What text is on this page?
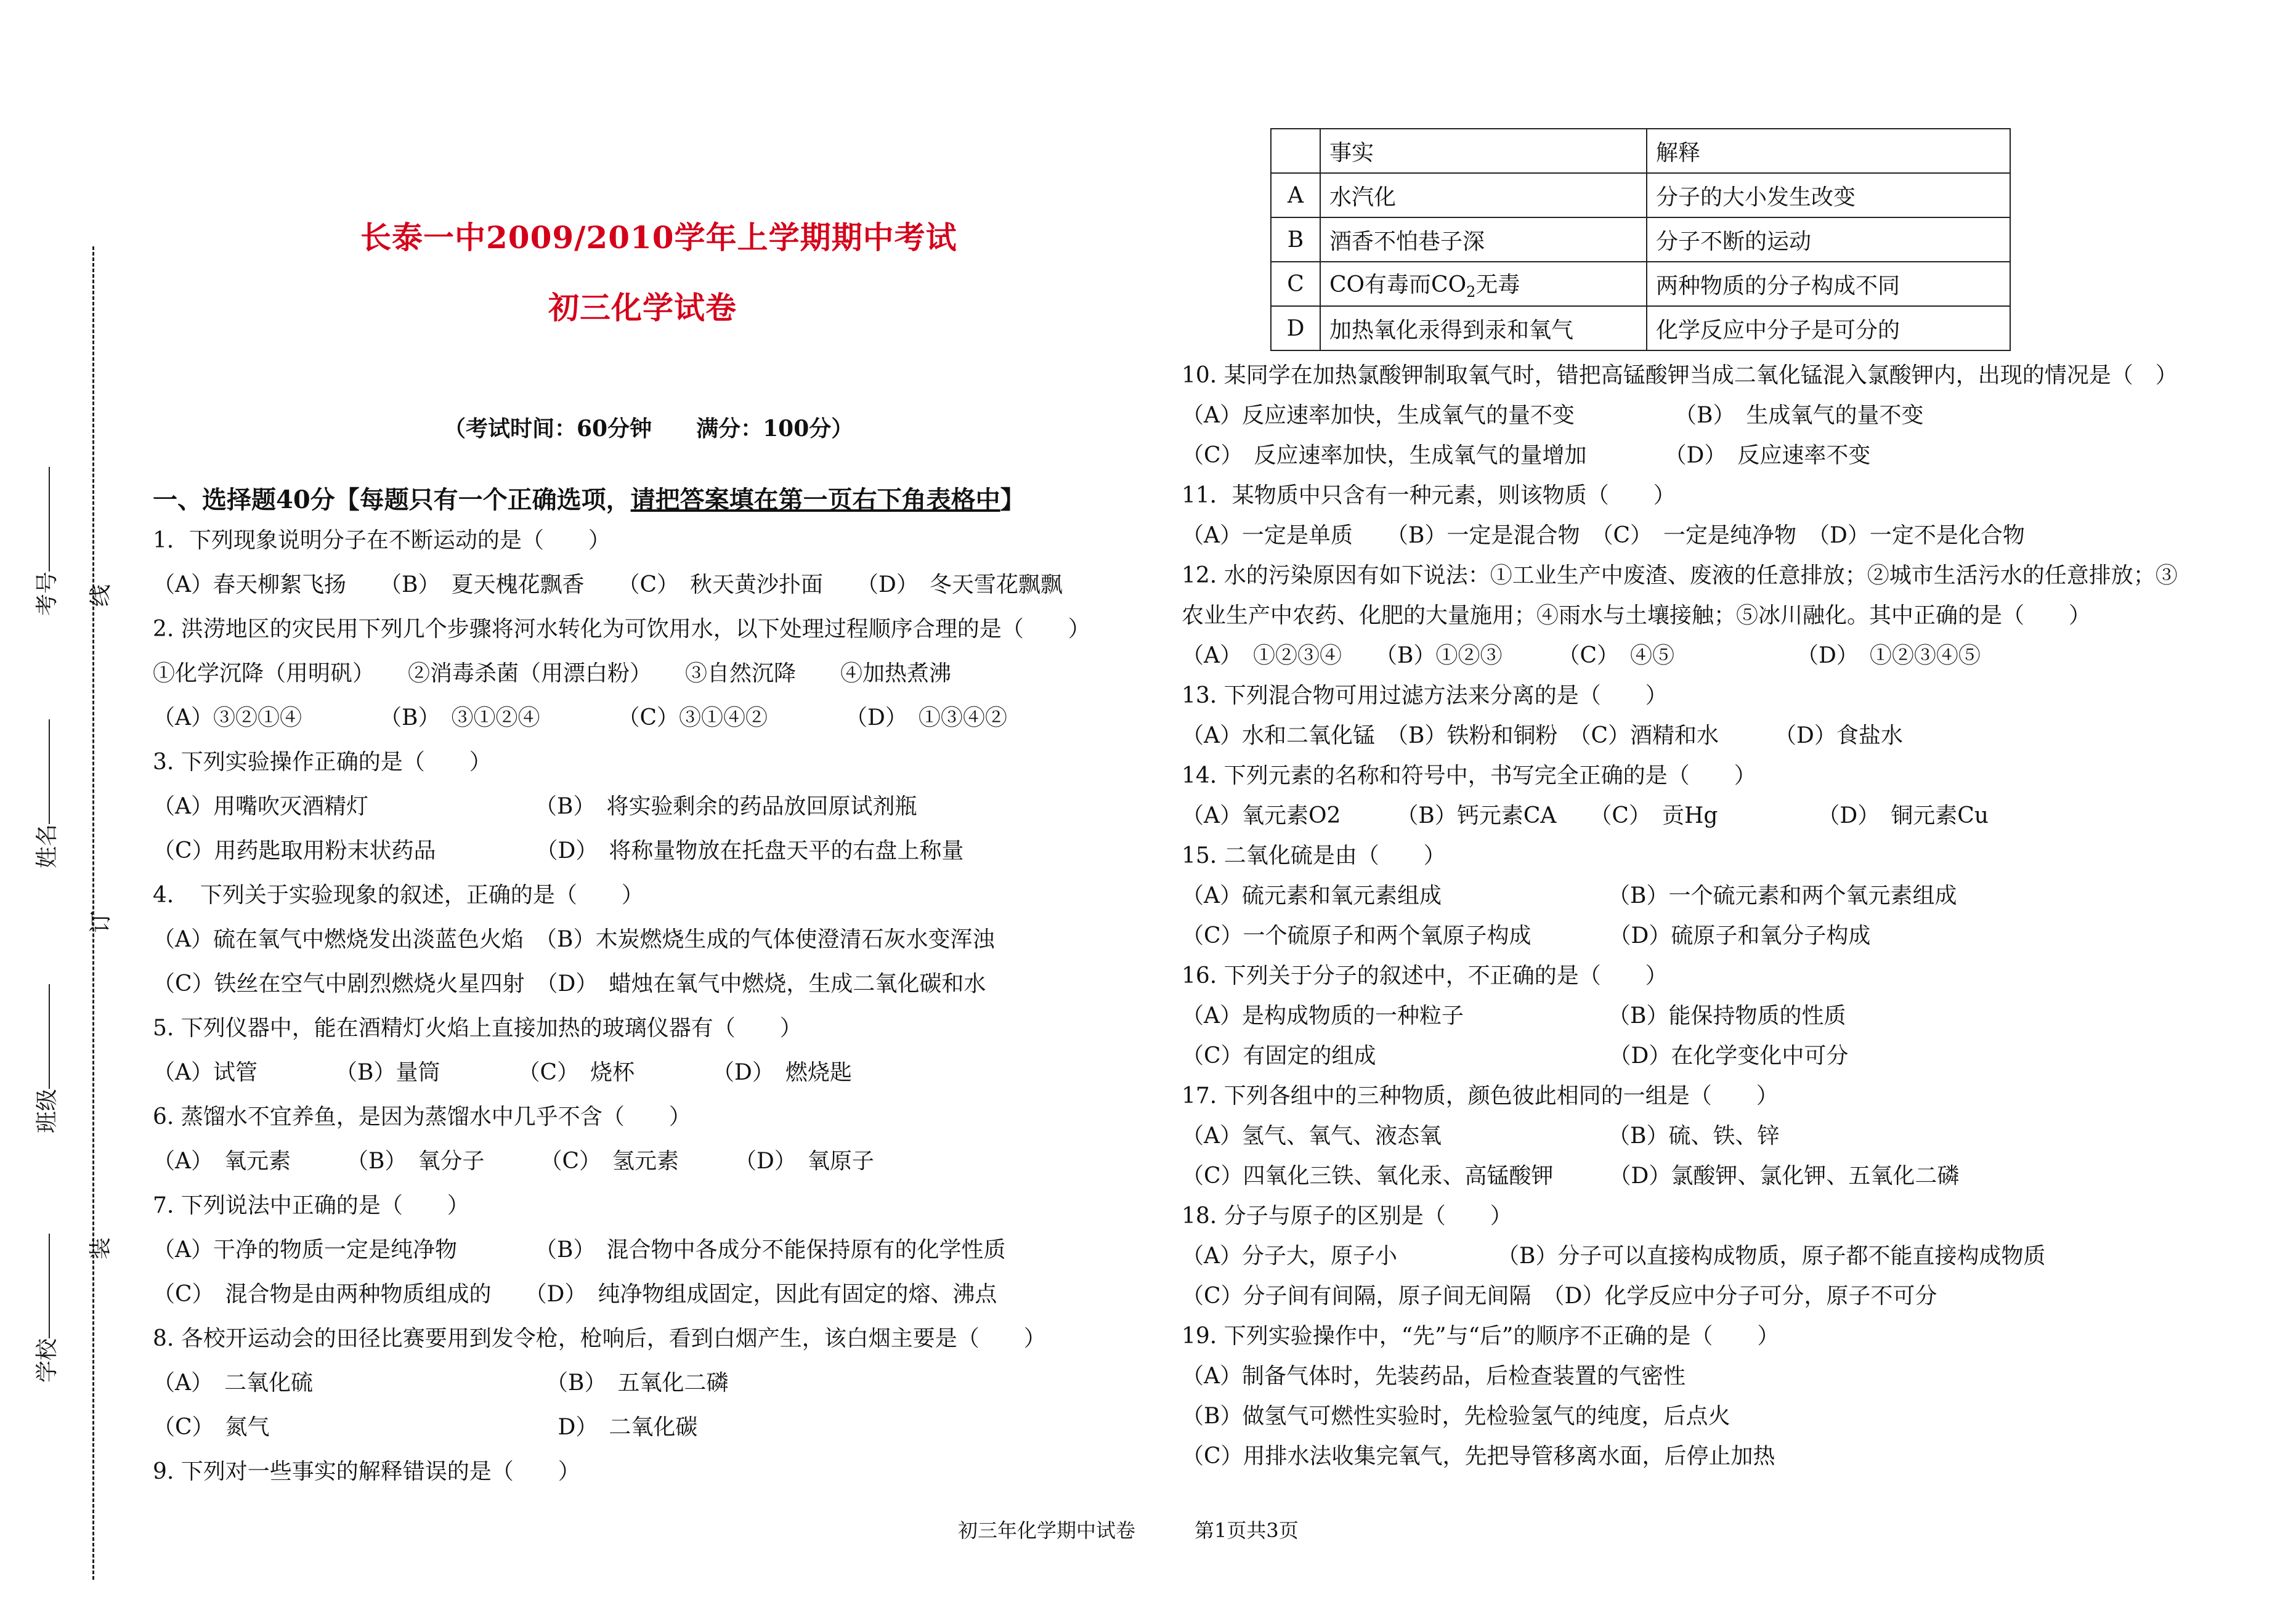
考号 线
姓名
订
班级
装
学校
长泰一中2009/2010学年上学期期中考试
初三化学试卷
（考试时间：60分钟　　满分：100分）
一、选择题40分【每题只有一个正确选项，请把答案填在第一页右下角表格中】
1．下列现象说明分子在不断运动的是（　　）
（A）春天柳絮飞扬　　（B）　夏天槐花飘香　　（C）　秋天黄沙扑面　　（D）　冬天雪花飘飘
2. 洪涝地区的灾民用下列几个步骤将河水转化为可饮用水，以下处理过程顺序合理的是（　　）
①化学沉降（用明矾）　　②消毒杀菌（用漂白粉）　　③自然沉降　　④加热煮沸
（A）③②①④　　　　（B）　③①②④　　　　（C）③①④②　　　　（D）　①③④②
3. 下列实验操作正确的是（　　）
（A）用嘴吹灭酒精灯　　　　　　　　（B）　将实验剩余的药品放回原试剂瓶
（C）用药匙取用粉末状药品　　　　　（D）　将称量物放在托盘天平的右盘上称量
4．　下列关于实验现象的叙述，正确的是（　　）
（A）硫在氧气中燃烧发出淡蓝色火焰　（B）木炭燃烧生成的气体使澄清石灰水变浑浊
（C）铁丝在空气中剧烈燃烧火星四射　（D）　蜡烛在氧气中燃烧，生成二氧化碳和水
5. 下列仪器中，能在酒精灯火焰上直接加热的玻璃仪器有（　　）
（A）试管　　　　（B）量筒　　　　（C）　烧杯　　　　（D）　燃烧匙
6. 蒸馏水不宜养鱼，是因为蒸馏水中几乎不含（　　）
（A）　氧元素　　　（B）　氧分子　　　（C）　氢元素　　　（D）　氧原子
7. 下列说法中正确的是（　　）
（A）干净的物质一定是纯净物　　　　（B）　混合物中各成分不能保持原有的化学性质
（C）　混合物是由两种物质组成的　　（D）　纯净物组成固定，因此有固定的熔、沸点
8. 各校开运动会的田径比赛要用到发令枪，枪响后，看到白烟产生，该白烟主要是（　　）
（A）　二氧化硫　　　　　　　　　　　（B）　五氧化二磷
（C）　氮气　　　　　　　　　　　　　D）　二氧化碳
9. 下列对一些事实的解释错误的是（　　）
	事实	解释
A	水汽化	分子的大小发生改变
B	酒香不怕巷子深	分子不断的运动
C	CO有毒而$CO_2$无毒	两种物质的分子构成不同
D	加热氧化汞得到汞和氧气	化学反应中分子是可分的
10. 某同学在加热氯酸钾制取氧气时，错把高锰酸钾当成二氧化锰混入氯酸钾内，出现的情况是（　）
（A）反应速率加快，生成氧气的量不变　　　　　（B）　生成氧气的量不变
（C）　反应速率加快，生成氧气的量增加　　　　（D）　反应速率不变
11．某物质中只含有一种元素，则该物质（　　）
（A）一定是单质　　（B）一定是混合物　（C）　一定是纯净物　（D）一定不是化合物
12. 水的污染原因有如下说法：①工业生产中废渣、废液的任意排放；②城市生活污水的任意排放；③
农业生产中农药、化肥的大量施用；④雨水与土壤接触；⑤冰川融化。其中正确的是（　　）
（A）　①②③④　　（B）①②③　　　（C）　④⑤　　　　　　（D）　①②③④⑤
13. 下列混合物可用过滤方法来分离的是（　　）
（A）水和二氧化锰　（B）铁粉和铜粉　（C）酒精和水　　　（D）食盐水
14. 下列元素的名称和符号中，书写完全正确的是（　　）
（A）氧元素O2　　　（B）钙元素CA　　（C）　贡Hg　　　　　（D）　铜元素Cu
15. 二氧化硫是由（　　）
（A）硫元素和氧元素组成　　　　　　　　（B）一个硫元素和两个氧元素组成
（C）一个硫原子和两个氧原子构成　　　　（D）硫原子和氧分子构成
16. 下列关于分子的叙述中，不正确的是（　　）
（A）是构成物质的一种粒子　　　　　　　（B）能保持物质的性质
（C）有固定的组成　　　　　　　　　　　（D）在化学变化中可分
17. 下列各组中的三种物质，颜色彼此相同的一组是（　　）
（A）氢气、氧气、液态氧　　　　　　　　（B）硫、铁、锌
（C）四氧化三铁、氧化汞、高锰酸钾　　　（D）氯酸钾、氯化钾、五氧化二磷
18. 分子与原子的区别是（　　）
（A）分子大，原子小　　　　　（B）分子可以直接构成物质，原子都不能直接构成物质
（C）分子间有间隔，原子间无间隔　（D）化学反应中分子可分，原子不可分
19. 下列实验操作中，“先”与“后”的顺序不正确的是（　　）
（A）制备气体时，先装药品，后检查装置的气密性
（B）做氢气可燃性实验时，先检验氢气的纯度，后点火
（C）用排水法收集完氧气，先把导管移离水面，后停止加热
初三年化学期中试卷　　　第1页共3页
